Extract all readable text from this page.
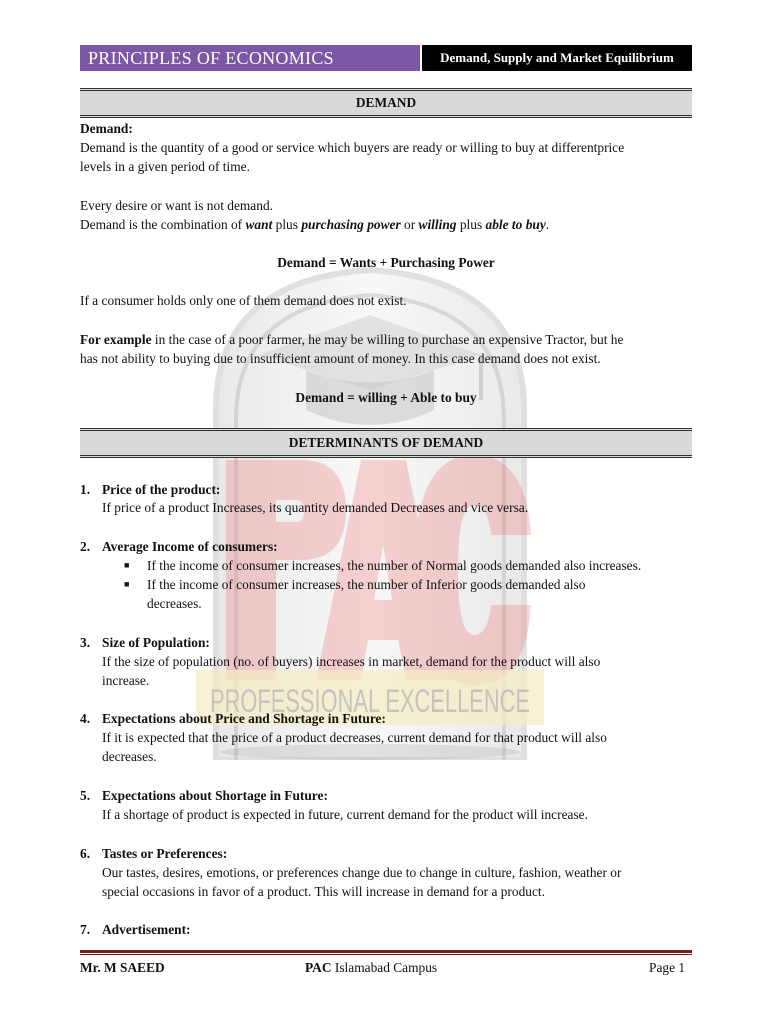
PROFESSIONAL EXCELLENCE
PRINCIPLES OF ECONOMICS	Demand, Supply and Market Equilibrium
DEMAND
Demand:
Demand is the quantity of a good or service which buyers are ready or willing to buy at differentprice
levels in a given period of time.
Every desire or want is not demand.
Demand is the combination of want plus purchasing power or willing plus able to buy.
Demand = Wants + Purchasing Power
If a consumer holds only one of them demand does not exist.
For example in the case of a poor farmer, he may be willing to purchase an expensive Tractor, but he
has not ability to buying due to insufficient amount of money. In this case demand does not exist.
Demand = willing + Able to buy
DETERMINANTS OF DEMAND
1. Price of the product:
If price of a product Increases, its quantity demanded Decreases and vice versa.
2. Average Income of consumers:
■ If the income of consumer increases, the number of Normal goods demanded also increases.
■ If the income of consumer increases, the number of Inferior goods demanded also
decreases.
3. Size of Population:
If the size of population (no. of buyers) increases in market, demand for the product will also
increase.
4. Expectations about Price and Shortage in Future:
If it is expected that the price of a product decreases, current demand for that product will also
decreases.
5. Expectations about Shortage in Future:
If a shortage of product is expected in future, current demand for the product will increase.
6. Tastes or Preferences:
Our tastes, desires, emotions, or preferences change due to change in culture, fashion, weather or
special occasions in favor of a product. This will increase in demand for a product.
7. Advertisement:
Mr. M SAEED	PAC Islamabad Campus	Page 1
